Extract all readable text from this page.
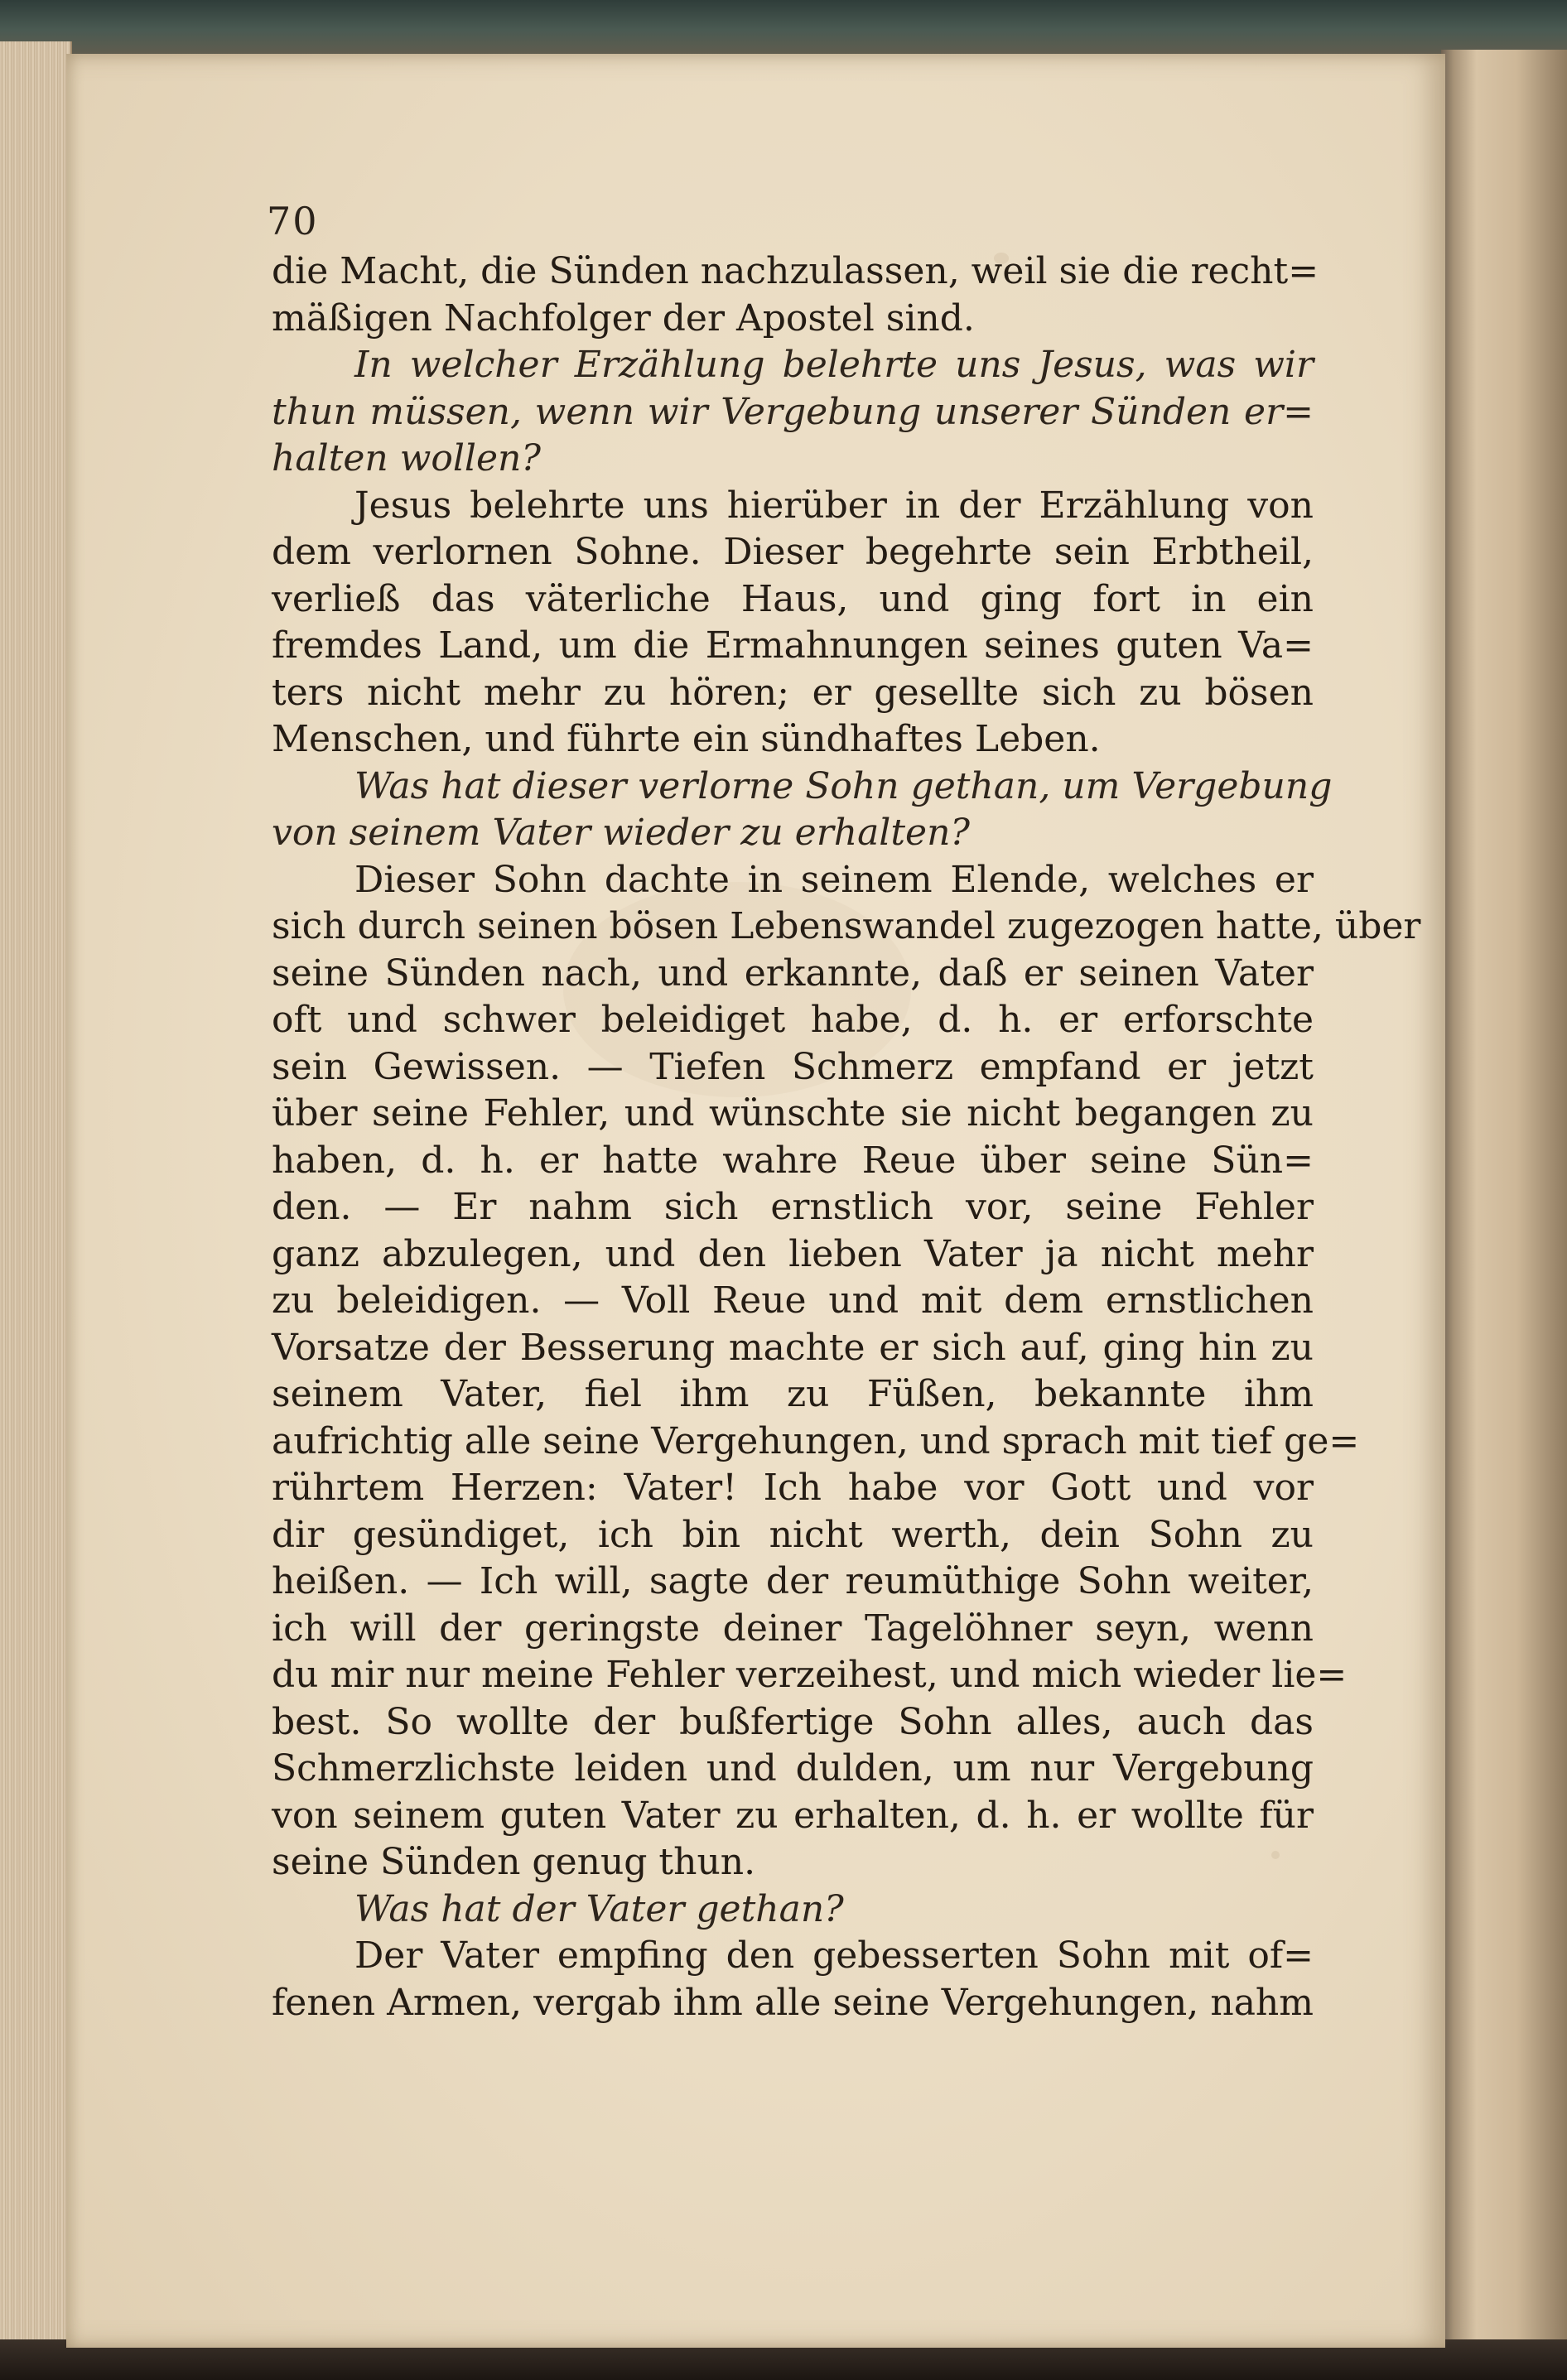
70
die Macht, die Sünden nachzulassen, weil sie die recht=
mäßigen Nachfolger der Apostel sind.
In welcher Erzählung belehrte uns Jesus, was wir
thun müssen, wenn wir Vergebung unserer Sünden er=
halten wollen?
Jesus belehrte uns hierüber in der Erzählung von
dem verlornen Sohne. Dieser begehrte sein Erbtheil,
verließ das väterliche Haus, und ging fort in ein
fremdes Land, um die Ermahnungen seines guten Va=
ters nicht mehr zu hören; er gesellte sich zu bösen
Menschen, und führte ein sündhaftes Leben.
Was hat dieser verlorne Sohn gethan, um Vergebung
von seinem Vater wieder zu erhalten?
Dieser Sohn dachte in seinem Elende, welches er
sich durch seinen bösen Lebenswandel zugezogen hatte, über
seine Sünden nach, und erkannte, daß er seinen Vater
oft und schwer beleidiget habe, d. h. er erforschte
sein Gewissen. — Tiefen Schmerz empfand er jetzt
über seine Fehler, und wünschte sie nicht begangen zu
haben, d. h. er hatte wahre Reue über seine Sün=
den. — Er nahm sich ernstlich vor, seine Fehler
ganz abzulegen, und den lieben Vater ja nicht mehr
zu beleidigen. — Voll Reue und mit dem ernstlichen
Vorsatze der Besserung machte er sich auf, ging hin zu
seinem Vater, fiel ihm zu Füßen, bekannte ihm
aufrichtig alle seine Vergehungen, und sprach mit tief ge=
rührtem Herzen: Vater! Ich habe vor Gott und vor
dir gesündiget, ich bin nicht werth, dein Sohn zu
heißen. — Ich will, sagte der reumüthige Sohn weiter,
ich will der geringste deiner Tagelöhner seyn, wenn
du mir nur meine Fehler verzeihest, und mich wieder lie=
best. So wollte der bußfertige Sohn alles, auch das
Schmerzlichste leiden und dulden, um nur Vergebung
von seinem guten Vater zu erhalten, d. h. er wollte für
seine Sünden genug thun.
Was hat der Vater gethan?
Der Vater empfing den gebesserten Sohn mit of=
fenen Armen, vergab ihm alle seine Vergehungen, nahm
